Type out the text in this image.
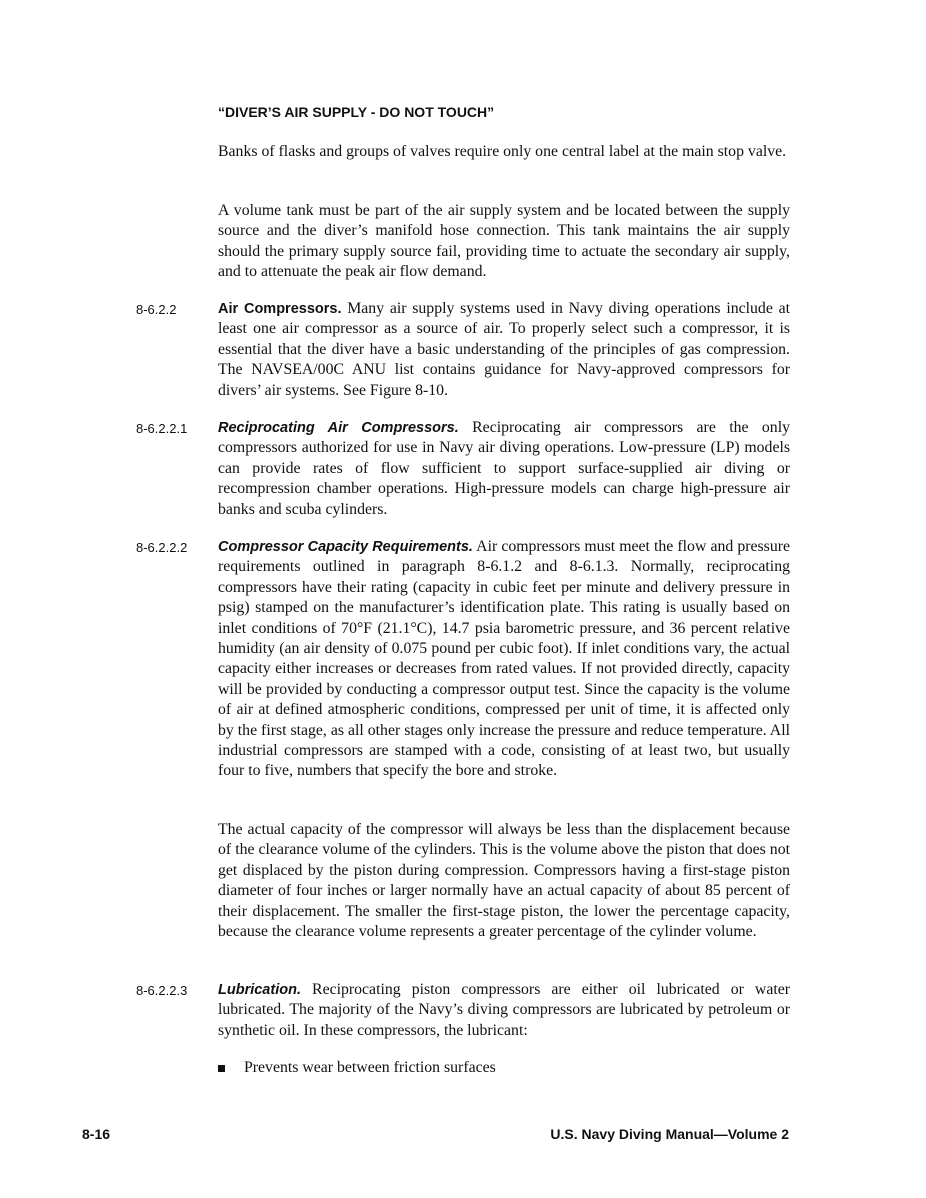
“DIVER’S AIR SUPPLY - DO NOT TOUCH”

Banks of flasks and groups of valves require only one central label at the main stop valve.

A volume tank must be part of the air supply system and be located between the supply source and the diver’s manifold hose connection. This tank maintains the air supply should the primary supply source fail, providing time to actuate the secondary air supply, and to attenuate the peak air flow demand.

8-6.2.2	Air Compressors. Many air supply systems used in Navy diving operations include at least one air compressor as a source of air. To properly select such a compressor, it is essential that the diver have a basic understanding of the principles of gas compression. The NAVSEA/00C ANU list contains guidance for Navy-approved compressors for divers’ air systems. See Figure 8-10.

8-6.2.2.1 Reciprocating Air Compressors. Reciprocating air compressors are the only compressors authorized for use in Navy air diving operations. Low-pressure (LP) models can provide rates of flow sufficient to support surface-supplied air diving or recompression chamber operations. High-pressure models can charge high-pressure air banks and scuba cylinders.

8-6.2.2.2 Compressor Capacity Requirements. Air compressors must meet the flow and pressure requirements outlined in paragraph 8-6.1.2 and 8-6.1.3. Normally, reciprocating compressors have their rating (capacity in cubic feet per minute and delivery pressure in psig) stamped on the manufacturer’s identification plate. This rating is usually based on inlet conditions of 70°F (21.1°C), 14.7 psia barometric pressure, and 36 percent relative humidity (an air density of 0.075 pound per cubic foot). If inlet conditions vary, the actual capacity either increases or decreases from rated values. If not provided directly, capacity will be provided by conducting a compressor output test. Since the capacity is the volume of air at defined atmospheric conditions, compressed per unit of time, it is affected only by the first stage, as all other stages only increase the pressure and reduce temperature. All industrial compressors are stamped with a code, consisting of at least two, but usually four to five, numbers that specify the bore and stroke.

The actual capacity of the compressor will always be less than the displacement because of the clearance volume of the cylinders. This is the volume above the piston that does not get displaced by the piston during compression. Compressors having a first-stage piston diameter of four inches or larger normally have an actual capacity of about 85 percent of their displacement. The smaller the first-stage piston, the lower the percentage capacity, because the clearance volume represents a greater percentage of the cylinder volume.

8-6.2.2.3 Lubrication. Reciprocating piston compressors are either oil lubricated or water lubricated. The majority of the Navy’s diving compressors are lubricated by petroleum or synthetic oil. In these compressors, the lubricant:

Prevents wear between friction surfaces
8-16	U.S. Navy Diving Manual—Volume 2
